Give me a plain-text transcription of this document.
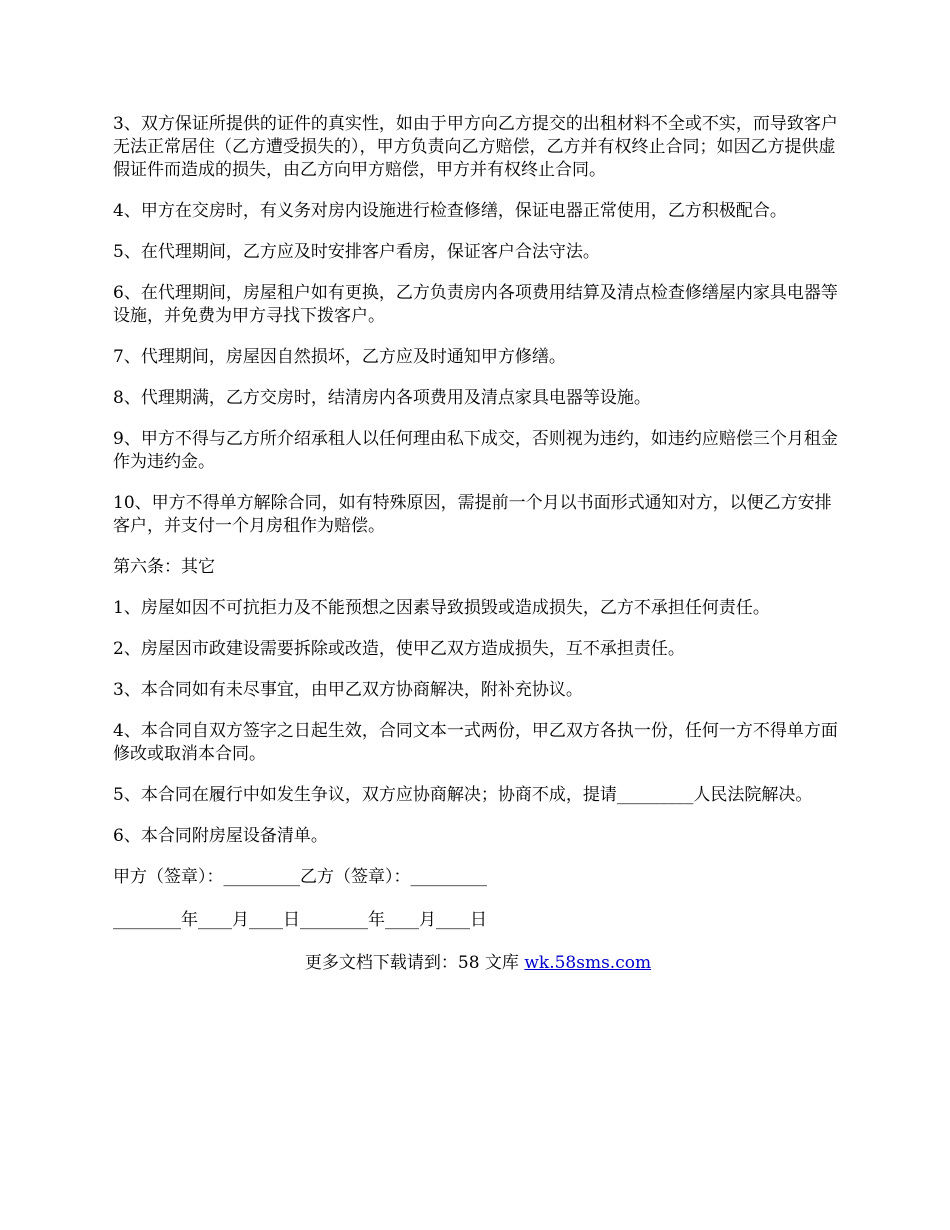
3、双方保证所提供的证件的真实性，如由于甲方向乙方提交的出租材料不全或不实，而导致客户无法正常居住（乙方遭受损失的），甲方负责向乙方赔偿，乙方并有权终止合同；如因乙方提供虚假证件而造成的损失，由乙方向甲方赔偿，甲方并有权终止合同。

4、甲方在交房时，有义务对房内设施进行检查修缮，保证电器正常使用，乙方积极配合。

5、在代理期间，乙方应及时安排客户看房，保证客户合法守法。

6、在代理期间，房屋租户如有更换，乙方负责房内各项费用结算及清点检查修缮屋内家具电器等设施，并免费为甲方寻找下拨客户。

7、代理期间，房屋因自然损坏，乙方应及时通知甲方修缮。

8、代理期满，乙方交房时，结清房内各项费用及清点家具电器等设施。

9、甲方不得与乙方所介绍承租人以任何理由私下成交，否则视为违约，如违约应赔偿三个月租金作为违约金。

10、甲方不得单方解除合同，如有特殊原因，需提前一个月以书面形式通知对方，以便乙方安排客户，并支付一个月房租作为赔偿。

第六条：其它

1、房屋如因不可抗拒力及不能预想之因素导致损毁或造成损失，乙方不承担任何责任。

2、房屋因市政建设需要拆除或改造，使甲乙双方造成损失，互不承担责任。

3、本合同如有未尽事宜，由甲乙双方协商解决，附补充协议。

4、本合同自双方签字之日起生效，合同文本一式两份，甲乙双方各执一份，任何一方不得单方面修改或取消本合同。

5、本合同在履行中如发生争议，双方应协商解决；协商不成，提请_________人民法院解决。

6、本合同附房屋设备清单。

甲方（签章）：_________乙方（签章）：_________
________年____月____日________年____月____日
更多文档下载请到：58 文库 wk.58sms.com
